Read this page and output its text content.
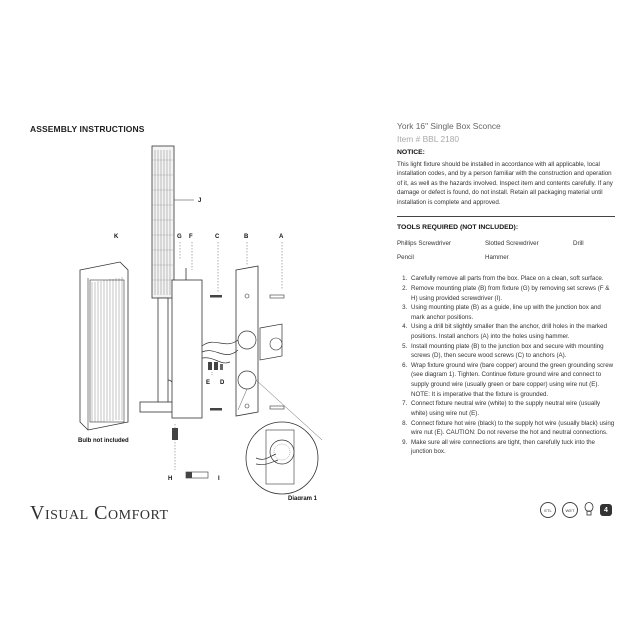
ASSEMBLY INSTRUCTIONS
J
K	G F	C	B	A
E D
H	I
Bulb not included
Diagram 1
Visual Comfort

York 16" Single Box Sconce

Item # BBL 2180

NOTICE:

This light fixture should be installed in accordance with all applicable, local installation codes, and by a person familiar with the construction and operation of it, as well as the hazards involved. Inspect item and contents carefully. If any damage or defect is found, do not install. Retain all packaging material until installation is complete and approved.

TOOLS REQUIRED (NOT INCLUDED):
Phillips Screwdriver	Slotted Screwdriver	Drill
Pencil	Hammer
1. Carefully remove all parts from the box. Place on a clean, soft surface.
2. Remove mounting plate (B) from fixture (G) by removing set screws (F & H) using provided screwdriver (I).
3. Using mounting plate (B) as a guide, line up with the junction box and mark anchor positions.
4. Using a drill bit slightly smaller than the anchor, drill holes in the marked positions. Install anchors (A) into the holes using hammer.
5. Install mounting plate (B) to the junction box and secure with mounting screws (D), then secure wood screws (C) to anchors (A).
6. Wrap fixture ground wire (bare copper) around the green grounding screw (see diagram 1). Tighten. Continue fixture ground wire and connect to supply ground wire (usually green or bare copper) using wire nut (E). NOTE: It is imperative that the fixture is grounded.
7. Connect fixture neutral wire (white) to the supply neutral wire (usually white) using wire nut (E).
8. Connect fixture hot wire (black) to the supply hot wire (usually black) using wire nut (E). CAUTION: Do not reverse the hot and neutral connections.
9. Make sure all wire connections are tight, then carefully tuck into the junction box.
ETL	WET	4
